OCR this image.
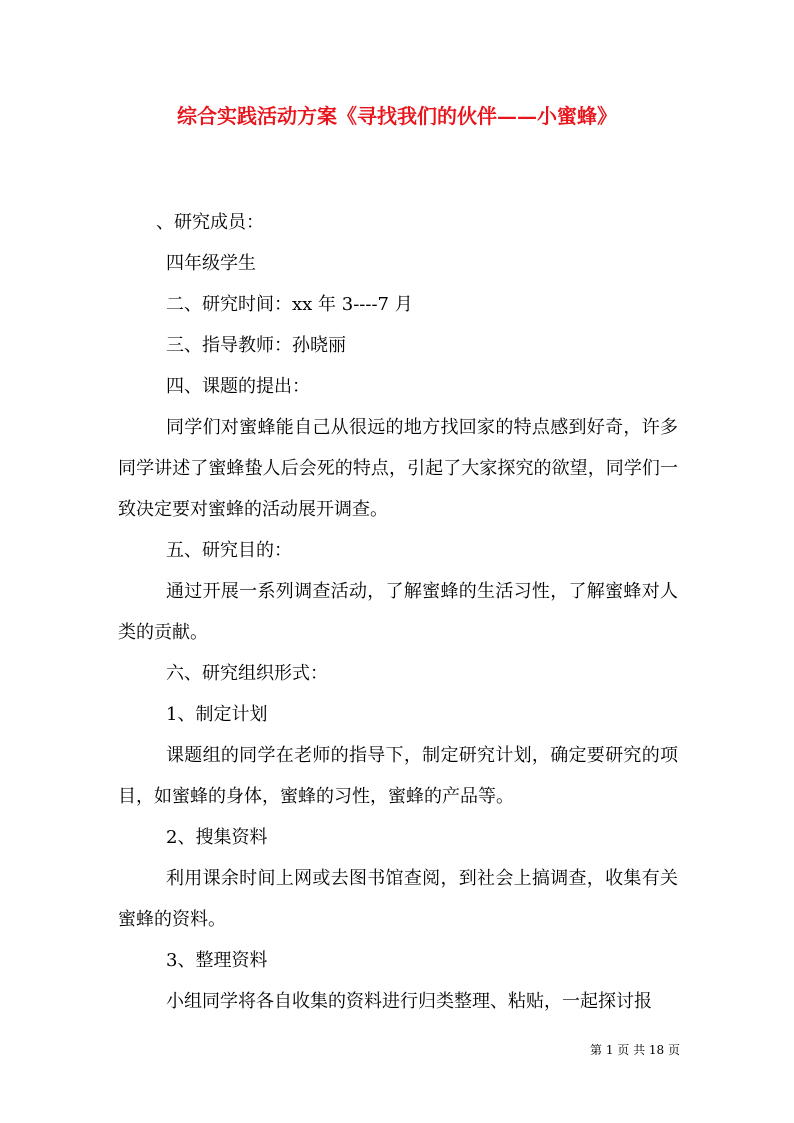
综合实践活动方案《寻找我们的伙伴——小蜜蜂》
、研究成员：
四年级学生
二、研究时间：xx 年 3----7 月
三、指导教师：孙晓丽
四、课题的提出：
同学们对蜜蜂能自己从很远的地方找回家的特点感到好奇，许多同学讲述了蜜蜂蛰人后会死的特点，引起了大家探究的欲望，同学们一致决定要对蜜蜂的活动展开调查。
五、研究目的：
通过开展一系列调查活动，了解蜜蜂的生活习性，了解蜜蜂对人类的贡献。
六、研究组织形式：
1、制定计划
课题组的同学在老师的指导下，制定研究计划，确定要研究的项目，如蜜蜂的身体，蜜蜂的习性，蜜蜂的产品等。
2、搜集资料
利用课余时间上网或去图书馆查阅，到社会上搞调查，收集有关蜜蜂的资料。
3、整理资料
小组同学将各自收集的资料进行归类整理、粘贴，一起探讨报
第 1 页 共 18 页
